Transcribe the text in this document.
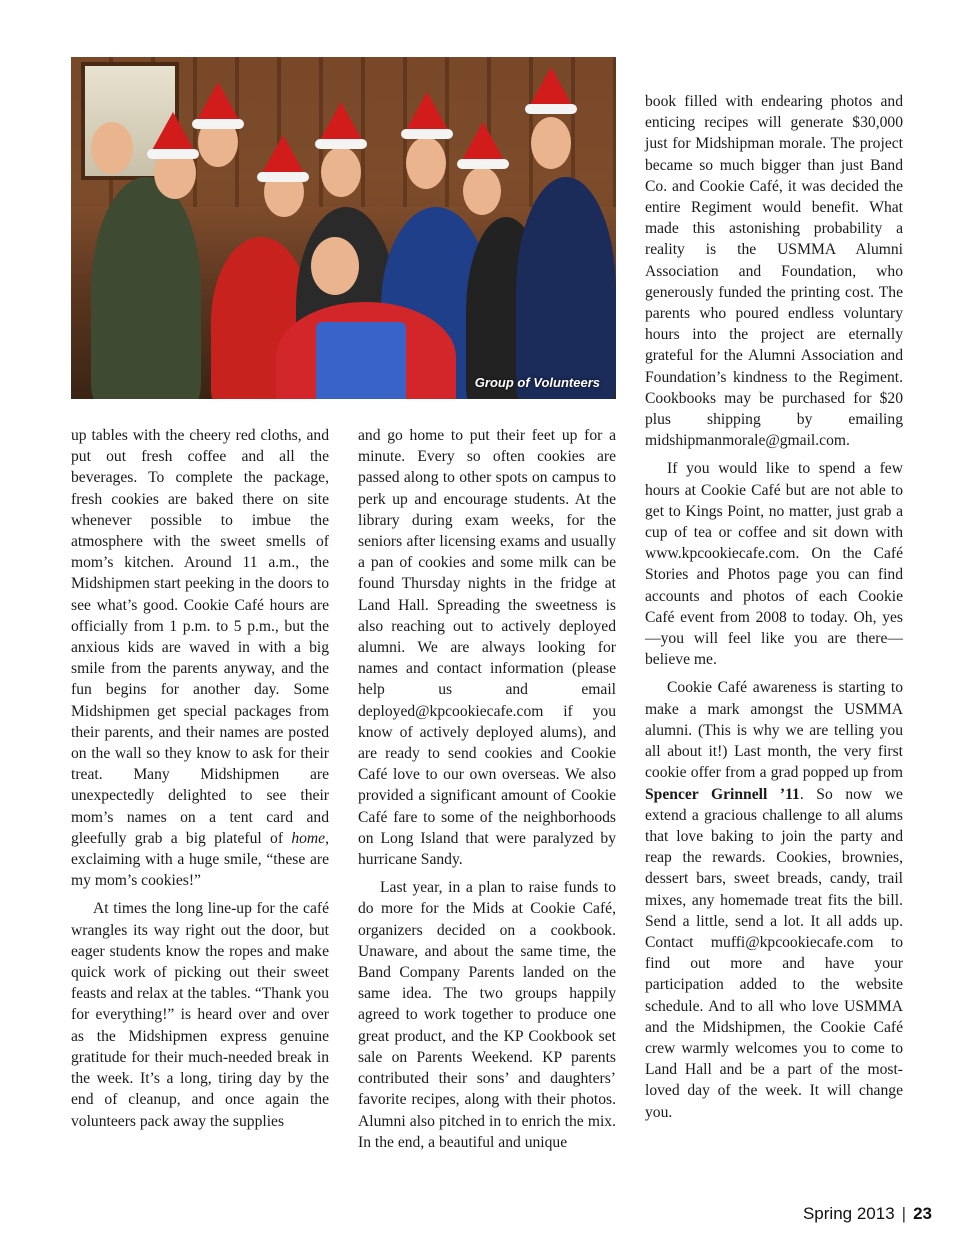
Group of Volunteers

up tables with the cheery red cloths, and put out fresh coffee and all the beverages. To complete the package, fresh cookies are baked there on site whenever possible to imbue the atmosphere with the sweet smells of mom’s kitchen. Around 11 a.m., the Midshipmen start peeking in the doors to see what’s good. Cookie Café hours are officially from 1 p.m. to 5 p.m., but the anxious kids are waved in with a big smile from the parents anyway, and the fun begins for another day. Some Midshipmen get special packages from their parents, and their names are posted on the wall so they know to ask for their treat. Many Midshipmen are unexpectedly delighted to see their mom’s names on a tent card and gleefully grab a big plateful of home, exclaiming with a huge smile, “these are my mom’s cookies!”

At times the long line-up for the café wrangles its way right out the door, but eager students know the ropes and make quick work of picking out their sweet feasts and relax at the tables. “Thank you for everything!” is heard over and over as the Midshipmen express genuine gratitude for their much-needed break in the week. It’s a long, tiring day by the end of cleanup, and once again the volunteers pack away the supplies

and go home to put their feet up for a minute. Every so often cookies are passed along to other spots on campus to perk up and encourage students. At the library during exam weeks, for the seniors after licensing exams and usually a pan of cookies and some milk can be found Thursday nights in the fridge at Land Hall. Spreading the sweetness is also reaching out to actively deployed alumni. We are always looking for names and contact information (please help us and email deployed@kpcookiecafe.com if you know of actively deployed alums), and are ready to send cookies and Cookie Café love to our own overseas. We also provided a significant amount of Cookie Café fare to some of the neighborhoods on Long Island that were paralyzed by hurricane Sandy.

Last year, in a plan to raise funds to do more for the Mids at Cookie Café, organizers decided on a cookbook. Unaware, and about the same time, the Band Company Parents landed on the same idea. The two groups happily agreed to work together to produce one great product, and the KP Cookbook set sale on Parents Weekend. KP parents contributed their sons’ and daughters’ favorite recipes, along with their photos. Alumni also pitched in to enrich the mix. In the end, a beautiful and unique

book filled with endearing photos and enticing recipes will generate $30,000 just for Midshipman morale. The project became so much bigger than just Band Co. and Cookie Café, it was decided the entire Regiment would benefit. What made this astonishing probability a reality is the USMMA Alumni Association and Foundation, who generously funded the printing cost. The parents who poured endless voluntary hours into the project are eternally grateful for the Alumni Association and Foundation’s kindness to the Regiment. Cookbooks may be purchased for $20 plus shipping by emailing midshipmanmorale@gmail.com.

If you would like to spend a few hours at Cookie Café but are not able to get to Kings Point, no matter, just grab a cup of tea or coffee and sit down with www.kpcookiecafe.com. On the Café Stories and Photos page you can find accounts and photos of each Cookie Café event from 2008 to today. Oh, yes—you will feel like you are there—believe me.

Cookie Café awareness is starting to make a mark amongst the USMMA alumni. (This is why we are telling you all about it!) Last month, the very first cookie offer from a grad popped up from Spencer Grinnell ’11. So now we extend a gracious challenge to all alums that love baking to join the party and reap the rewards. Cookies, brownies, dessert bars, sweet breads, candy, trail mixes, any homemade treat fits the bill. Send a little, send a lot. It all adds up. Contact muffi@kpcookiecafe.com to find out more and have your participation added to the website schedule. And to all who love USMMA and the Midshipmen, the Cookie Café crew warmly welcomes you to come to Land Hall and be a part of the most-loved day of the week. It will change you.

Spring 2013 | 23
